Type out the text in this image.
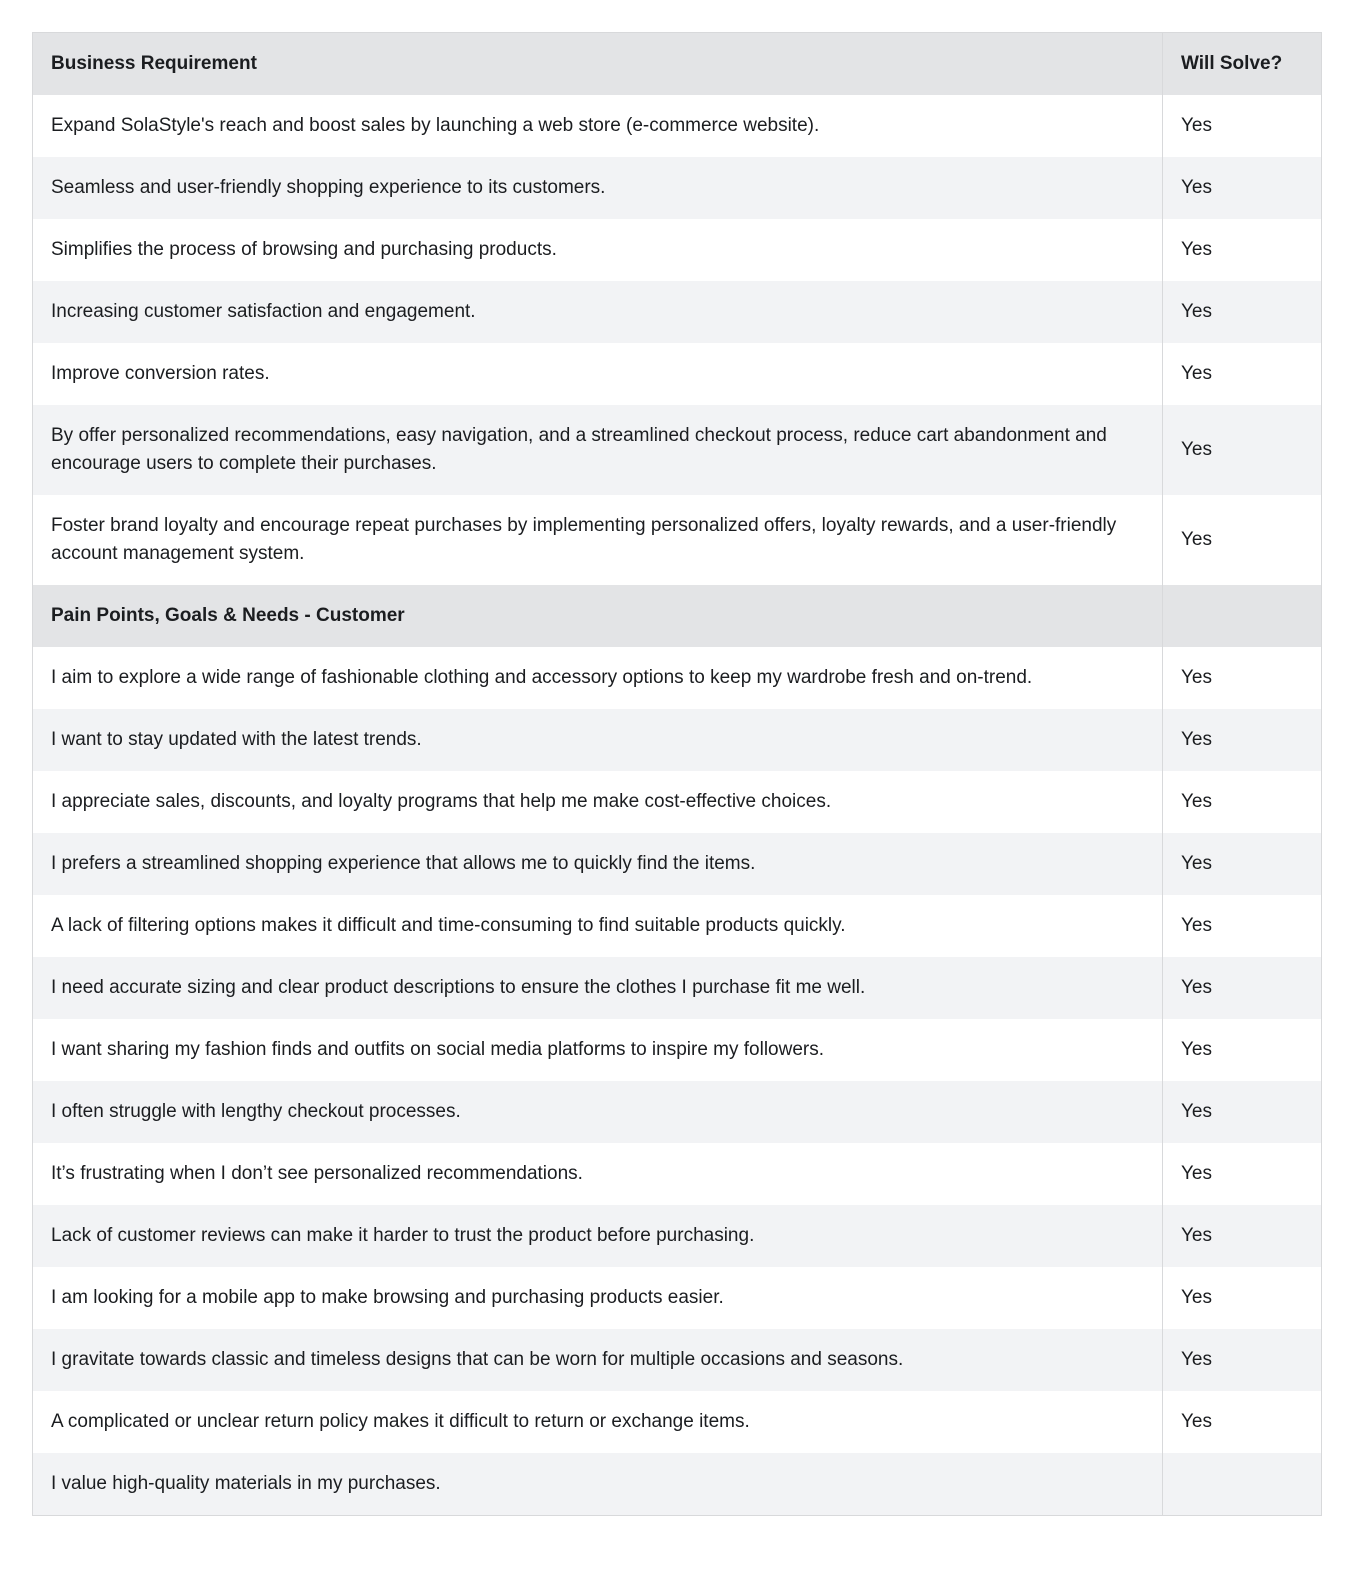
Business Requirement	Will Solve?
Expand SolaStyle's reach and boost sales by launching a web store (e-commerce website).	Yes
Seamless and user-friendly shopping experience to its customers.	Yes
Simplifies the process of browsing and purchasing products.	Yes
Increasing customer satisfaction and engagement.	Yes
Improve conversion rates.	Yes
By offer personalized recommendations, easy navigation, and a streamlined checkout process, reduce cart abandonment and encourage users to complete their purchases.	Yes
Foster brand loyalty and encourage repeat purchases by implementing personalized offers, loyalty rewards, and a user-friendly account management system.	Yes
Pain Points, Goals & Needs - Customer	
I aim to explore a wide range of fashionable clothing and accessory options to keep my wardrobe fresh and on-trend.	Yes
I want to stay updated with the latest trends.	Yes
I appreciate sales, discounts, and loyalty programs that help me make cost-effective choices.	Yes
I prefers a streamlined shopping experience that allows me to quickly find the items.	Yes
A lack of filtering options makes it difficult and time-consuming to find suitable products quickly.	Yes
I need accurate sizing and clear product descriptions to ensure the clothes I purchase fit me well.	Yes
I want sharing my fashion finds and outfits on social media platforms to inspire my followers.	Yes
I often struggle with lengthy checkout processes.	Yes
It’s frustrating when I don’t see personalized recommendations.	Yes
Lack of customer reviews can make it harder to trust the product before purchasing.	Yes
I am looking for a mobile app to make browsing and purchasing products easier.	Yes
I gravitate towards classic and timeless designs that can be worn for multiple occasions and seasons.	Yes
A complicated or unclear return policy makes it difficult to return or exchange items.	Yes
I value high-quality materials in my purchases.	
